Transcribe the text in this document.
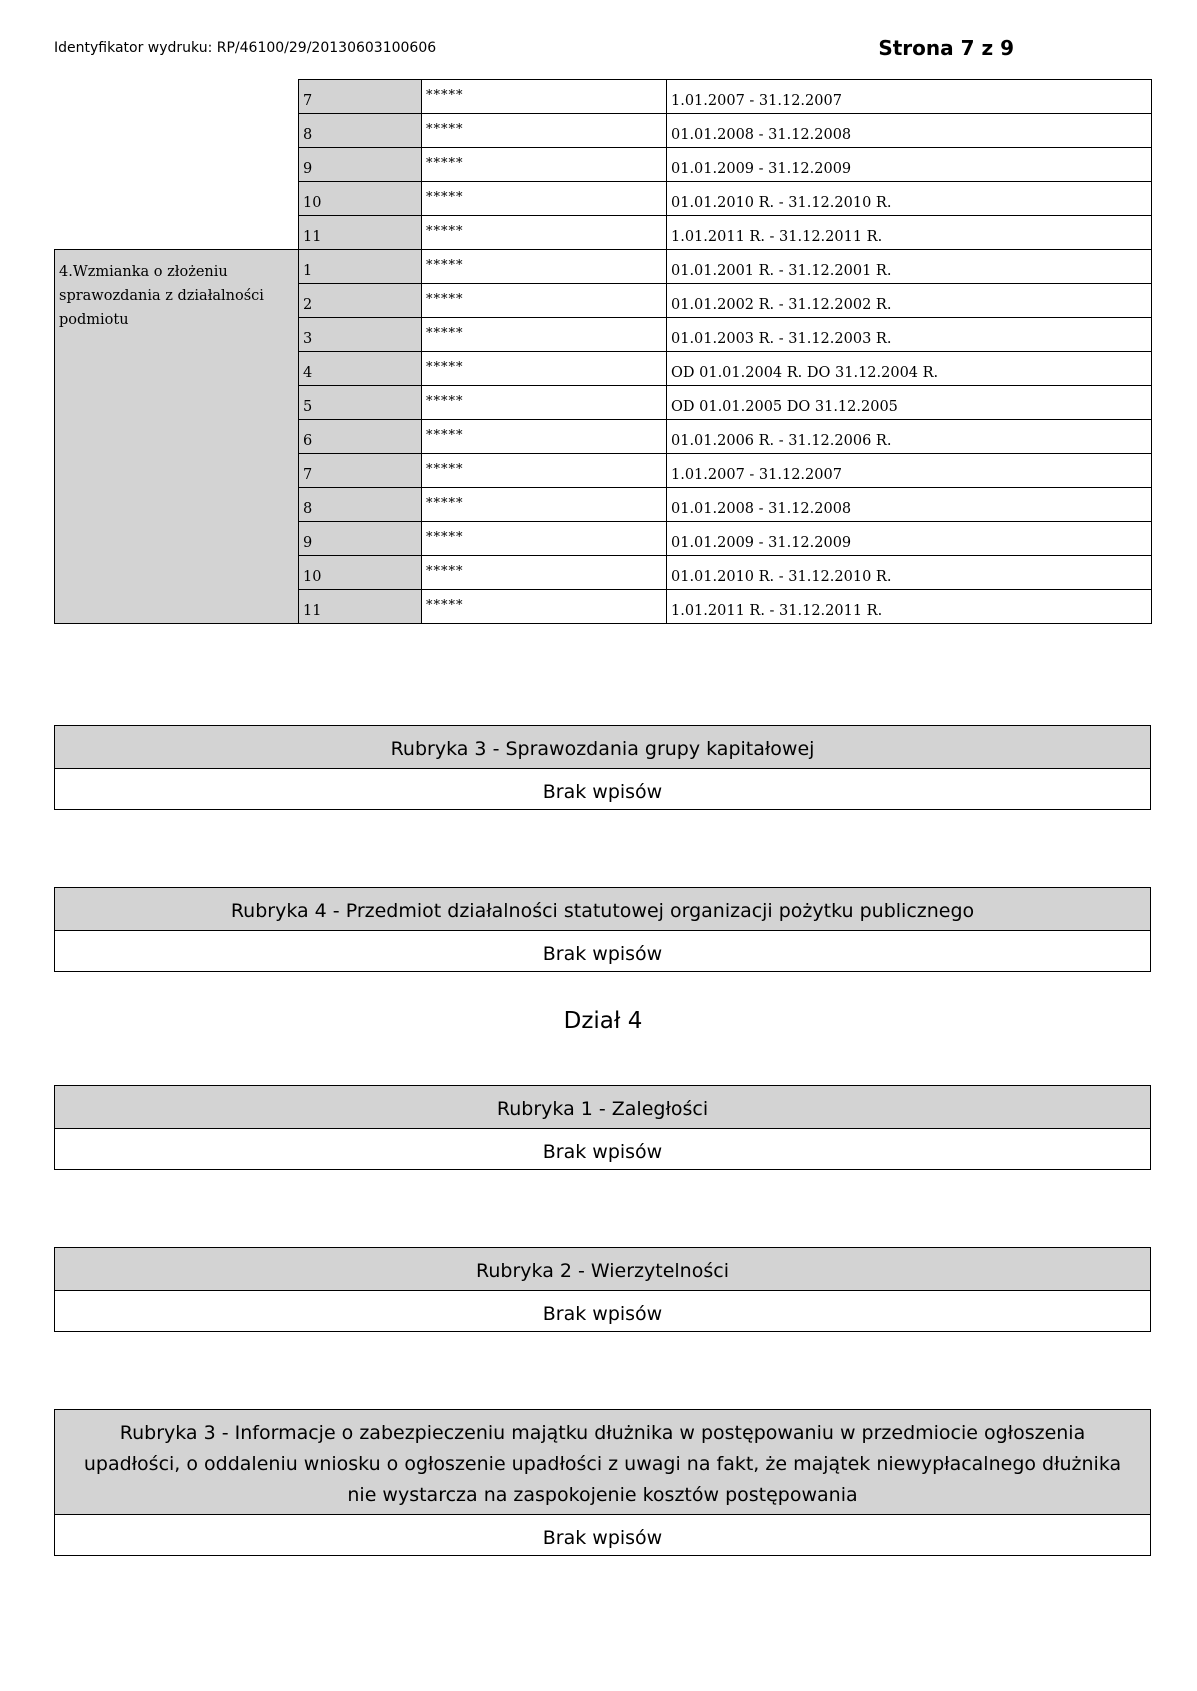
Identyfikator wydruku: RP/46100/29/20130603100606	Strona 7 z 9
	7	*****	1.01.2007 - 31.12.2007
	8	*****	01.01.2008 - 31.12.2008
	9	*****	01.01.2009 - 31.12.2009
	10	*****	01.01.2010 R. - 31.12.2010 R.
	11	*****	1.01.2011 R. - 31.12.2011 R.
4.Wzmianka o złożeniu sprawozdania z działalności podmiotu	1	*****	01.01.2001 R. - 31.12.2001 R.
	2	*****	01.01.2002 R. - 31.12.2002 R.
	3	*****	01.01.2003 R. - 31.12.2003 R.
	4	*****	OD 01.01.2004 R. DO 31.12.2004 R.
	5	*****	OD 01.01.2005 DO 31.12.2005
	6	*****	01.01.2006 R. - 31.12.2006 R.
	7	*****	1.01.2007 - 31.12.2007
	8	*****	01.01.2008 - 31.12.2008
	9	*****	01.01.2009 - 31.12.2009
	10	*****	01.01.2010 R. - 31.12.2010 R.
	11	*****	1.01.2011 R. - 31.12.2011 R.
Rubryka 3 - Sprawozdania grupy kapitałowej
Brak wpisów
Rubryka 4 - Przedmiot działalności statutowej organizacji pożytku publicznego
Brak wpisów
Dział 4
Rubryka 1 - Zaległości
Brak wpisów
Rubryka 2 - Wierzytelności
Brak wpisów
Rubryka 3 - Informacje o zabezpieczeniu majątku dłużnika w postępowaniu w przedmiocie ogłoszenia upadłości, o oddaleniu wniosku o ogłoszenie upadłości z uwagi na fakt, że majątek niewypłacalnego dłużnika nie wystarcza na zaspokojenie kosztów postępowania
Brak wpisów
